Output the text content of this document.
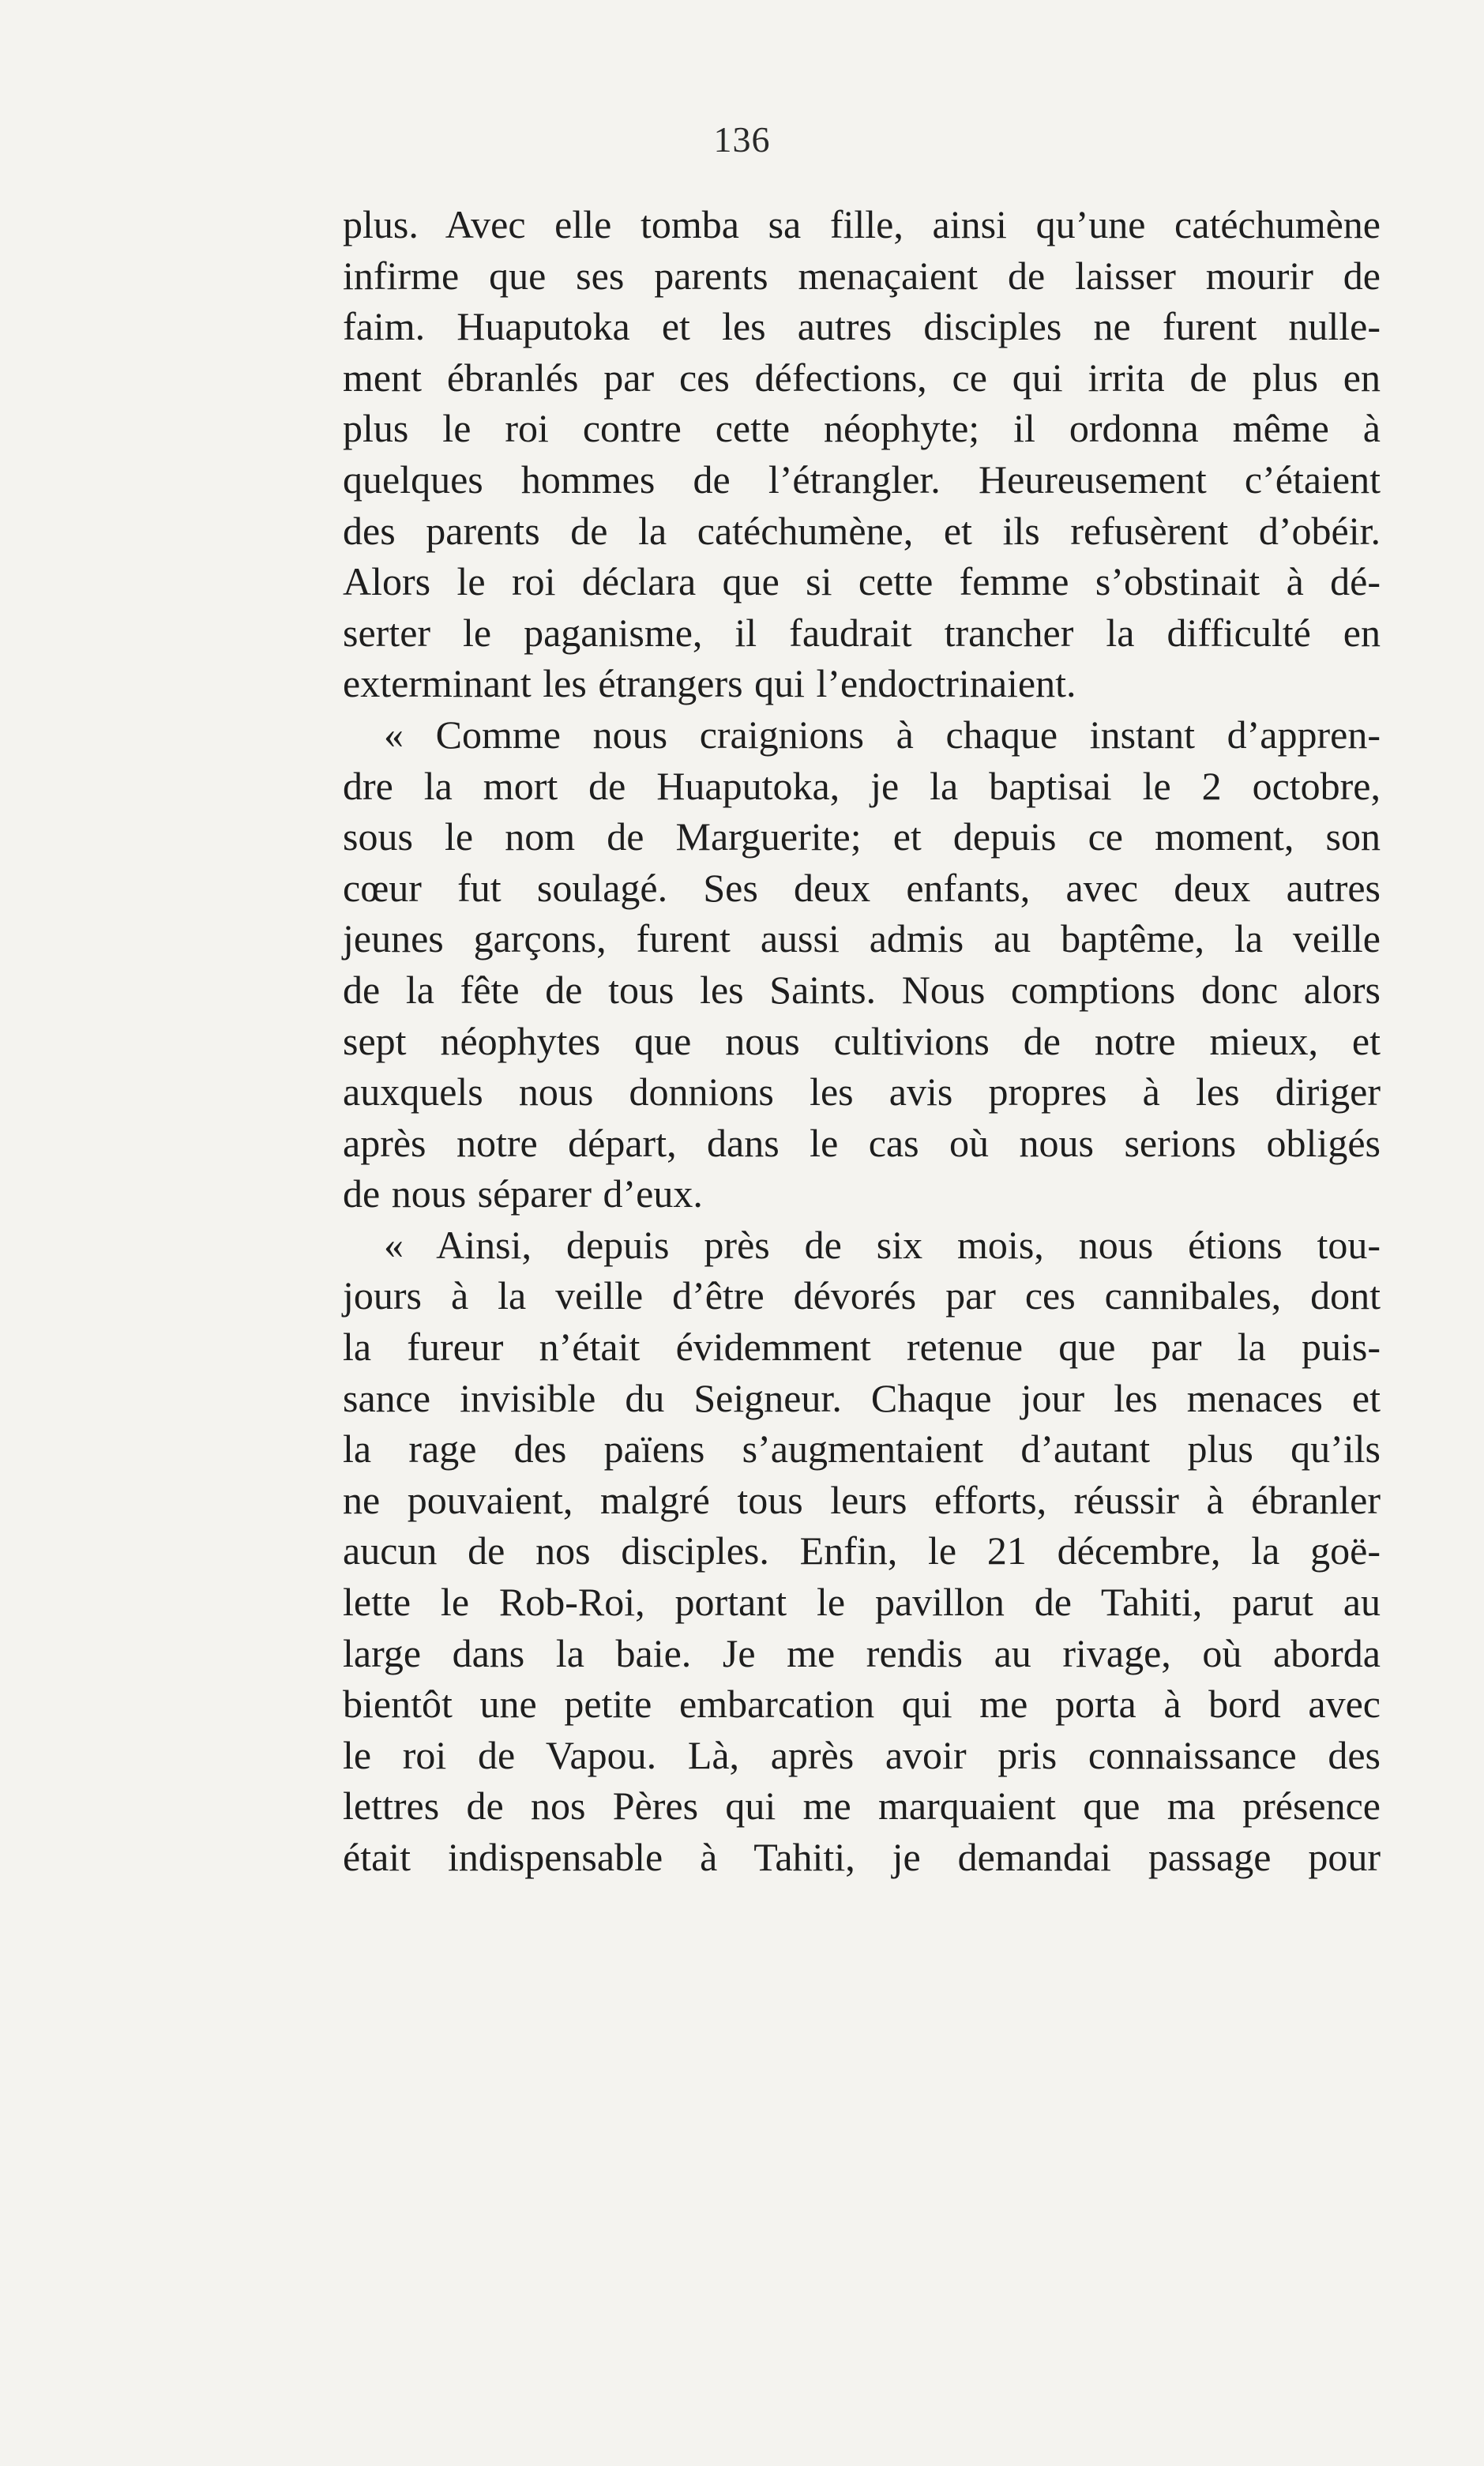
136

plus. Avec elle tomba sa fille, ainsi qu’une catéchumène
infirme que ses parents menaçaient de laisser mourir de
faim. Huaputoka et les autres disciples ne furent nulle-
ment ébranlés par ces défections, ce qui irrita de plus en
plus le roi contre cette néophyte; il ordonna même à
quelques hommes de l’étrangler. Heureusement c’étaient
des parents de la catéchumène, et ils refusèrent d’obéir.
Alors le roi déclara que si cette femme s’obstinait à dé-
serter le paganisme, il faudrait trancher la difficulté en
exterminant les étrangers qui l’endoctrinaient.

« Comme nous craignions à chaque instant d’appren-
dre la mort de Huaputoka, je la baptisai le 2 octobre,
sous le nom de Marguerite; et depuis ce moment, son
cœur fut soulagé. Ses deux enfants, avec deux autres
jeunes garçons, furent aussi admis au baptême, la veille
de la fête de tous les Saints. Nous comptions donc alors
sept néophytes que nous cultivions de notre mieux, et
auxquels nous donnions les avis propres à les diriger
après notre départ, dans le cas où nous serions obligés
de nous séparer d’eux.

« Ainsi, depuis près de six mois, nous étions tou-
jours à la veille d’être dévorés par ces cannibales, dont
la fureur n’était évidemment retenue que par la puis-
sance invisible du Seigneur. Chaque jour les menaces et
la rage des païens s’augmentaient d’autant plus qu’ils
ne pouvaient, malgré tous leurs efforts, réussir à ébranler
aucun de nos disciples. Enfin, le 21 décembre, la goë-
lette le Rob-Roi, portant le pavillon de Tahiti, parut au
large dans la baie. Je me rendis au rivage, où aborda
bientôt une petite embarcation qui me porta à bord avec
le roi de Vapou. Là, après avoir pris connaissance des
lettres de nos Pères qui me marquaient que ma présence
était indispensable à Tahiti, je demandai passage pour
